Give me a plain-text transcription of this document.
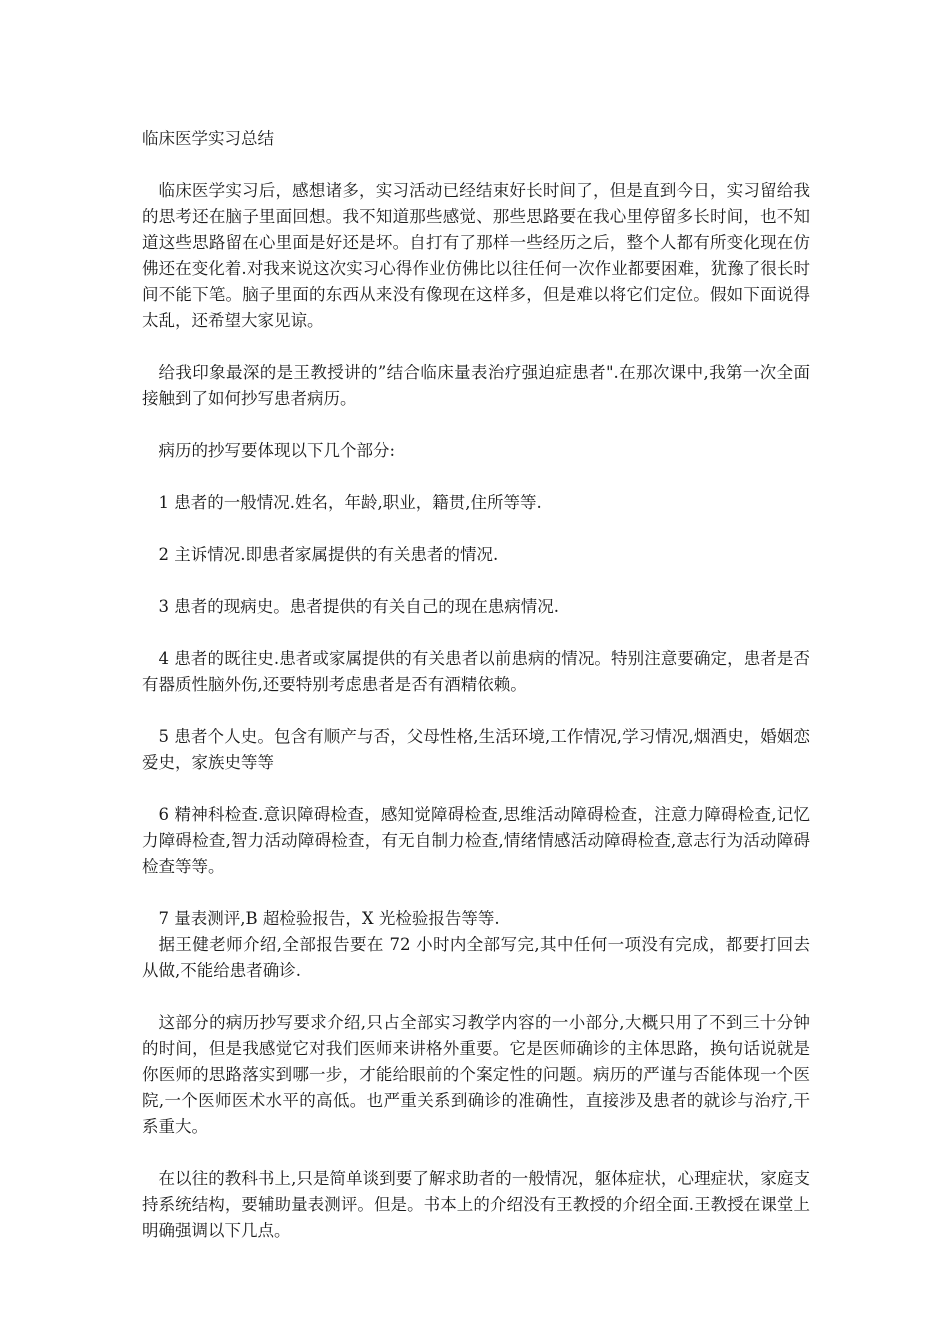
临床医学实习总结

临床医学实习后，感想诸多，实习活动已经结束好长时间了，但是直到今日，实习留给我的思考还在脑子里面回想。我不知道那些感觉、那些思路要在我心里停留多长时间，也不知道这些思路留在心里面是好还是坏。自打有了那样一些经历之后，整个人都有所变化现在仿佛还在变化着.对我来说这次实习心得作业仿佛比以往任何一次作业都要困难，犹豫了很长时间不能下笔。脑子里面的东西从来没有像现在这样多，但是难以将它们定位。假如下面说得太乱，还希望大家见谅。

给我印象最深的是王教授讲的”结合临床量表治疗强迫症患者".在那次课中,我第一次全面接触到了如何抄写患者病历。

病历的抄写要体现以下几个部分:

1 患者的一般情况.姓名，年龄,职业，籍贯,住所等等.

2 主诉情况.即患者家属提供的有关患者的情况.

3 患者的现病史。患者提供的有关自己的现在患病情况.

4 患者的既往史.患者或家属提供的有关患者以前患病的情况。特别注意要确定，患者是否有器质性脑外伤,还要特别考虑患者是否有酒精依赖。

5 患者个人史。包含有顺产与否，父母性格,生活环境,工作情况,学习情况,烟酒史，婚姻恋爱史，家族史等等

6 精神科检查.意识障碍检查，感知觉障碍检查,思维活动障碍检查，注意力障碍检查,记忆力障碍检查,智力活动障碍检查，有无自制力检查,情绪情感活动障碍检查,意志行为活动障碍检查等等。

7 量表测评,B 超检验报告，X 光检验报告等等.

据王健老师介绍,全部报告要在 72 小时内全部写完,其中任何一项没有完成，都要打回去从做,不能给患者确诊.

这部分的病历抄写要求介绍,只占全部实习教学内容的一小部分,大概只用了不到三十分钟的时间，但是我感觉它对我们医师来讲格外重要。它是医师确诊的主体思路，换句话说就是你医师的思路落实到哪一步，才能给眼前的个案定性的问题。病历的严谨与否能体现一个医院,一个医师医术水平的高低。也严重关系到确诊的准确性，直接涉及患者的就诊与治疗,干系重大。

在以往的教科书上,只是简单谈到要了解求助者的一般情况，躯体症状，心理症状，家庭支持系统结构，要辅助量表测评。但是。书本上的介绍没有王教授的介绍全面.王教授在课堂上明确强调以下几点。
